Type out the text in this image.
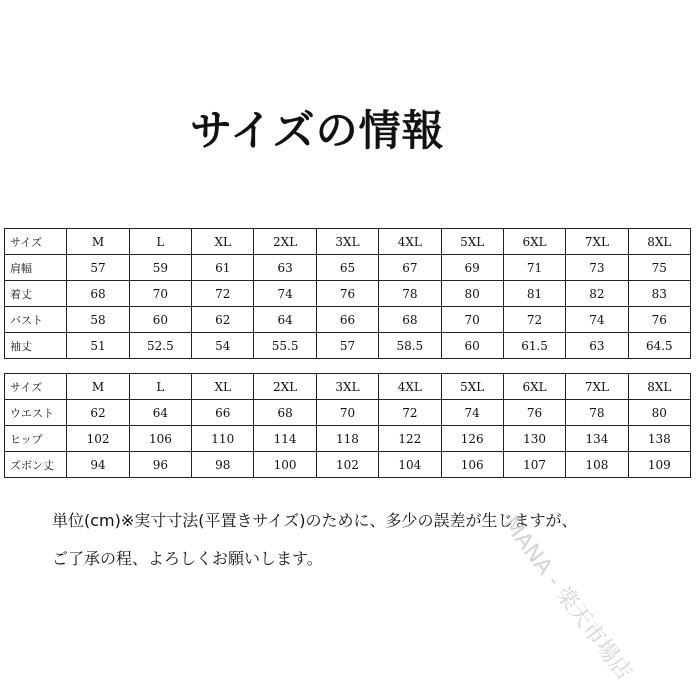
サイズの情報
サイズ	M	L	XL	2XL	3XL	4XL	5XL	6XL	7XL	8XL
肩幅	57	59	61	63	65	67	69	71	73	75
着丈	68	70	72	74	76	78	80	81	82	83
バスト	58	60	62	64	66	68	70	72	74	76
袖丈	51	52.5	54	55.5	57	58.5	60	61.5	63	64.5
サイズ	M	L	XL	2XL	3XL	4XL	5XL	6XL	7XL	8XL
ウエスト	62	64	66	68	70	72	74	76	78	80
ヒップ	102	106	110	114	118	122	126	130	134	138
ズボン丈	94	96	98	100	102	104	106	107	108	109
単位(cm)※実寸寸法(平置きサイズ)のために、多少の誤差が生じますが、
ご了承の程、よろしくお願いします。	MANA - 楽天市場店
